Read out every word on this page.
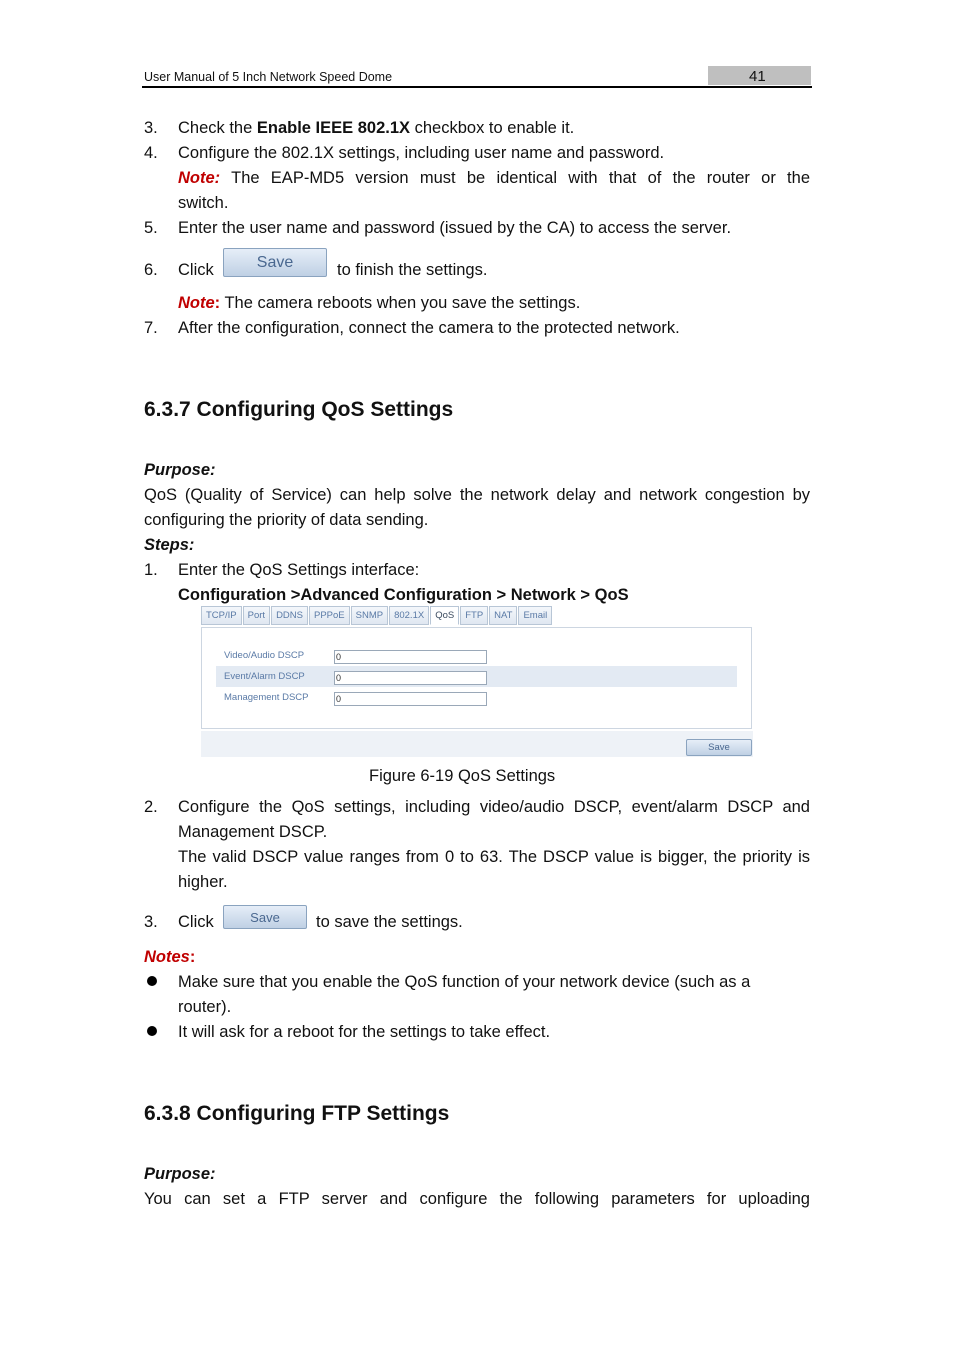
User Manual of 5 Inch Network Speed Dome	41
3. Check the Enable IEEE 802.1X checkbox to enable it.
4. Configure the 802.1X settings, including user name and password.
Note: The EAP-MD5 version must be identical with that of the router or the
switch.
5. Enter the user name and password (issued by the CA) to access the server.
6. Click	Save	to finish the settings.
Note: The camera reboots when you save the settings.
7. After the configuration, connect the camera to the protected network.
6.3.7 Configuring QoS Settings
Purpose:
QoS (Quality of Service) can help solve the network delay and network congestion by
configuring the priority of data sending.
Steps:
1. Enter the QoS Settings interface:
Configuration >Advanced Configuration > Network > QoS
TCP/IP	Port	DDNS	PPPoE	SNMP	802.1X	QoS	FTP	NAT	Email
Video/Audio DSCP	0
Event/Alarm DSCP	0
Management DSCP	0
Save
Figure 6-19 QoS Settings
2. Configure the QoS settings, including video/audio DSCP, event/alarm DSCP and
Management DSCP.
The valid DSCP value ranges from 0 to 63. The DSCP value is bigger, the priority is
higher.
3. Click	Save	to save the settings.
Notes:
Make sure that you enable the QoS function of your network device (such as a
router).
It will ask for a reboot for the settings to take effect.
6.3.8 Configuring FTP Settings
Purpose:
You can set a FTP server and configure the following parameters for uploading
